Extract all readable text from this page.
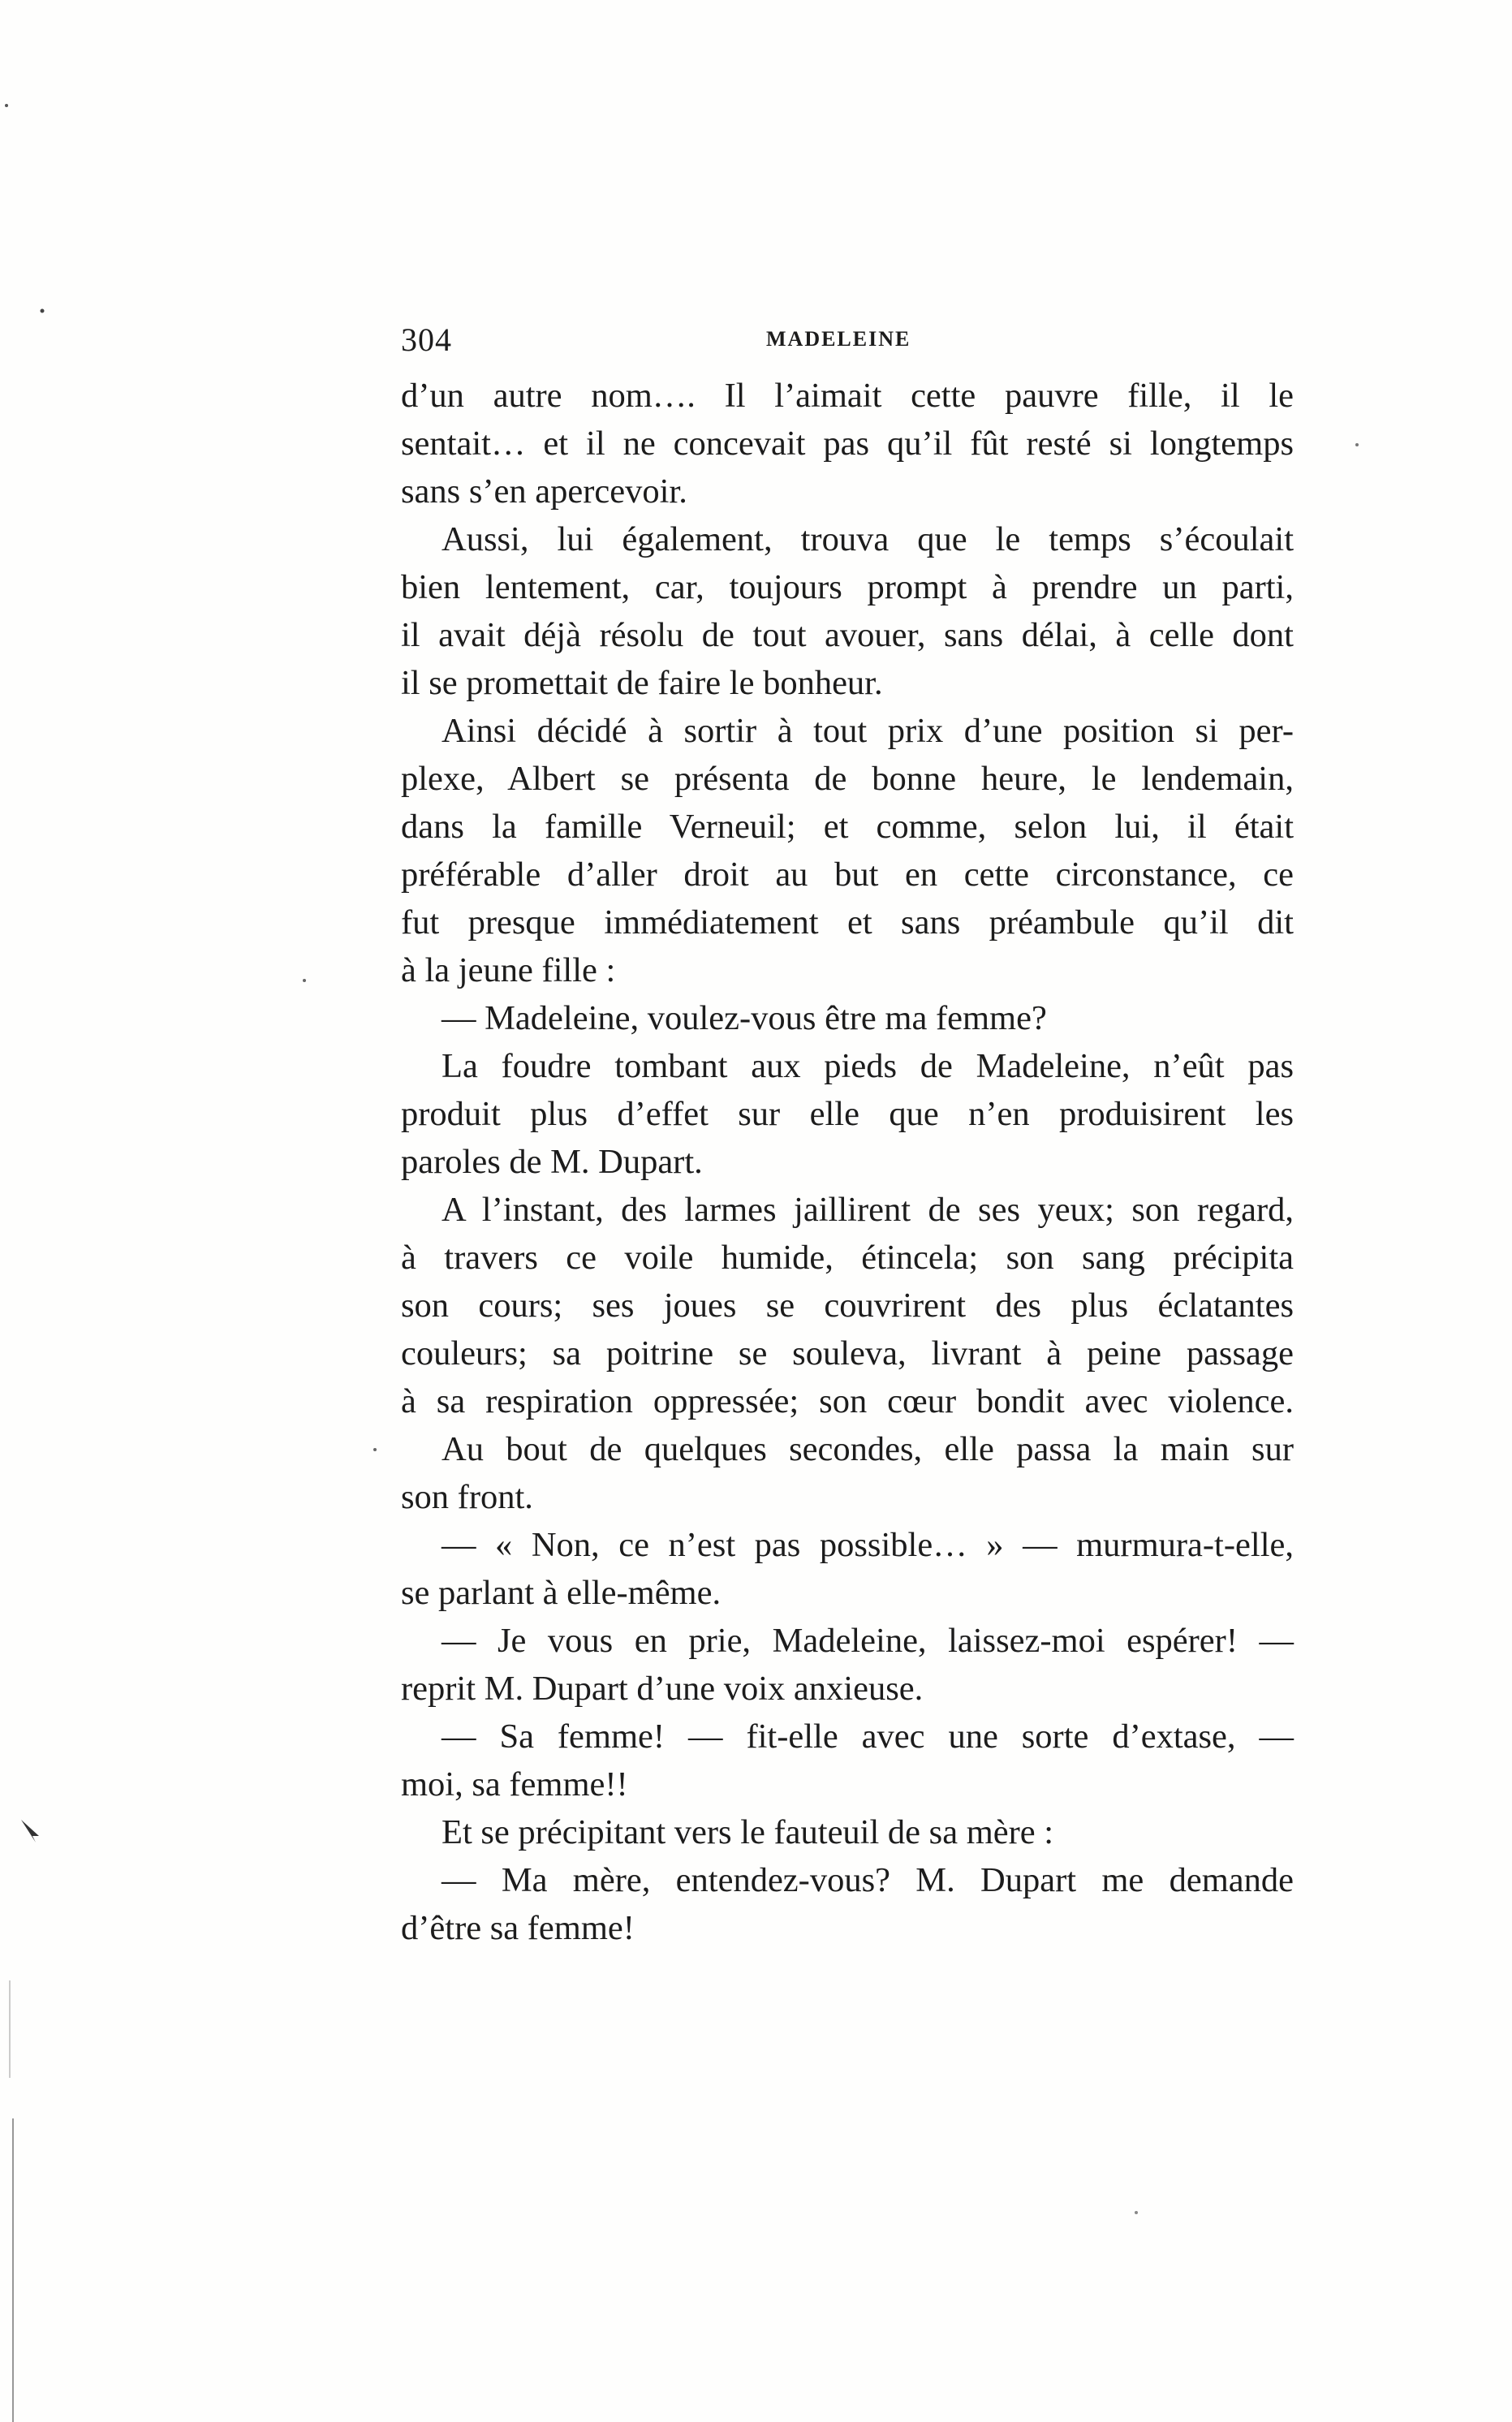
304	MADELEINE
d’un autre nom…. Il l’aimait cette pauvre fille, il le
sentait… et il ne concevait pas qu’il fût resté si longtemps
sans s’en apercevoir.
Aussi, lui également, trouva que le temps s’écoulait
bien lentement, car, toujours prompt à prendre un parti,
il avait déjà résolu de tout avouer, sans délai, à celle dont
il se promettait de faire le bonheur.
Ainsi décidé à sortir à tout prix d’une position si per-
plexe, Albert se présenta de bonne heure, le lendemain,
dans la famille Verneuil; et comme, selon lui, il était
préférable d’aller droit au but en cette circonstance, ce
fut presque immédiatement et sans préambule qu’il dit
à la jeune fille :
— Madeleine, voulez-vous être ma femme?
La foudre tombant aux pieds de Madeleine, n’eût pas
produit plus d’effet sur elle que n’en produisirent les
paroles de M. Dupart.
A l’instant, des larmes jaillirent de ses yeux; son regard,
à travers ce voile humide, étincela; son sang précipita
son cours; ses joues se couvrirent des plus éclatantes
couleurs; sa poitrine se souleva, livrant à peine passage
à sa respiration oppressée; son cœur bondit avec violence.
Au bout de quelques secondes, elle passa la main sur
son front.
— « Non, ce n’est pas possible… » — murmura-t-elle,
se parlant à elle-même.
— Je vous en prie, Madeleine, laissez-moi espérer! —
reprit M. Dupart d’une voix anxieuse.
— Sa femme! — fit-elle avec une sorte d’extase, —
moi, sa femme!!
Et se précipitant vers le fauteuil de sa mère :
— Ma mère, entendez-vous? M. Dupart me demande
d’être sa femme!
